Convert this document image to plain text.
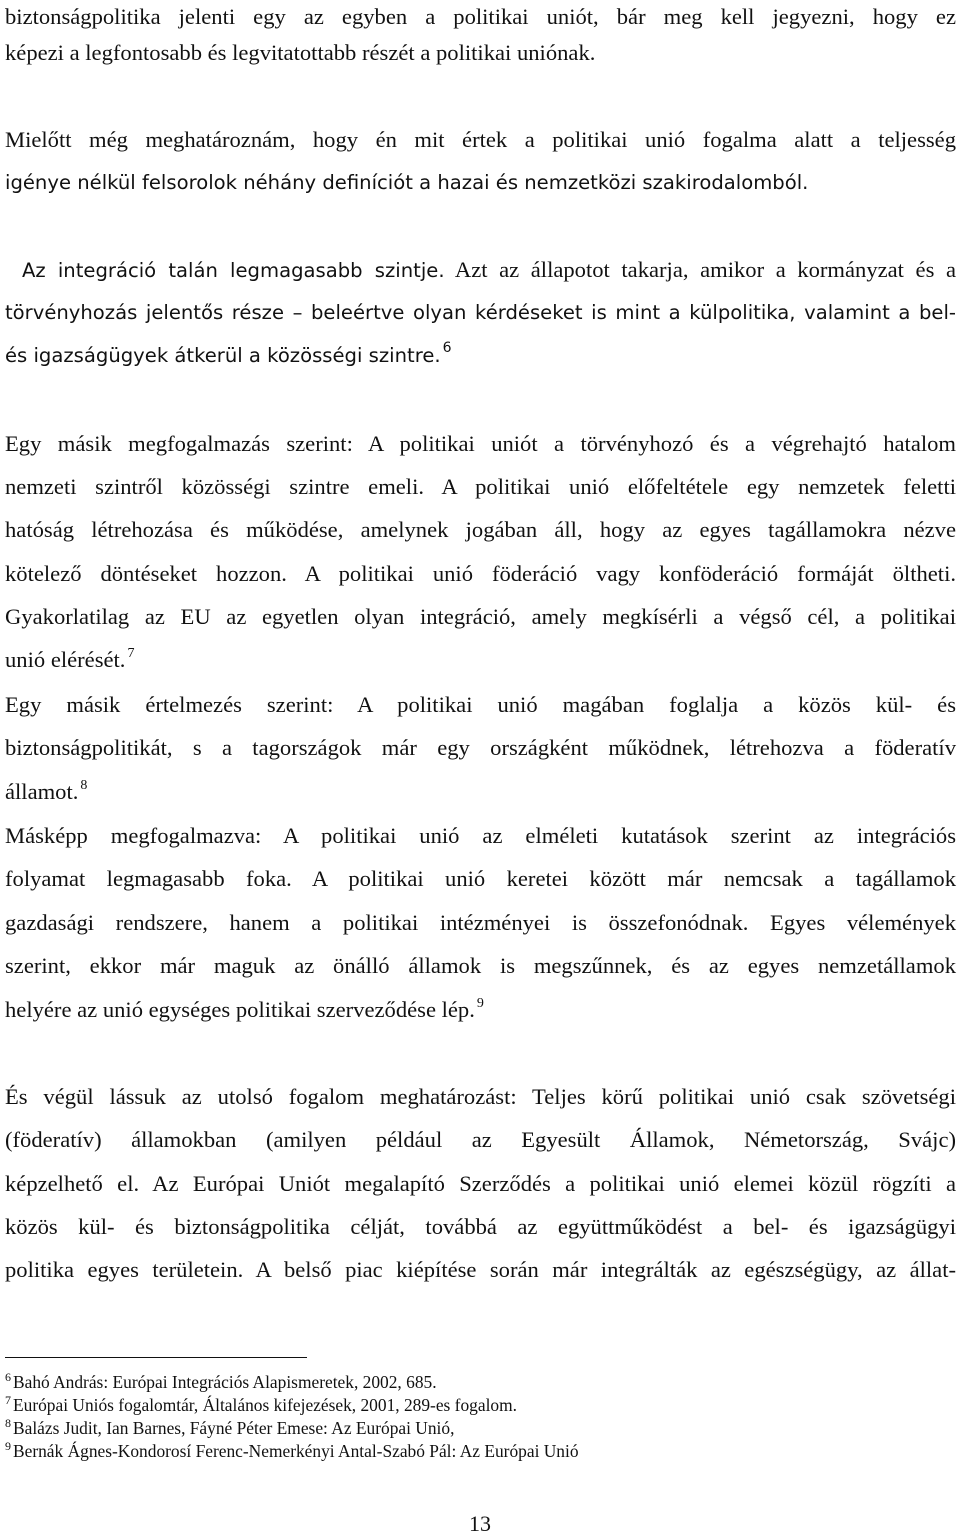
biztonságpolitika jelenti egy az egyben a politikai uniót, bár meg kell jegyezni, hogy ez
képezi a legfontosabb és legvitatottabb részét a politikai uniónak.
Mielőtt még meghatároznám, hogy én mit értek a politikai unió fogalma alatt a teljesség
igénye nélkül felsorolok néhány definíciót a hazai és nemzetközi szakirodalomból.
Az integráció talán legmagasabb szintje. Azt az állapotot takarja, amikor a kormányzat és a
törvényhozás jelentős része – beleértve olyan kérdéseket is mint a külpolitika, valamint a bel-
és igazságügyek átkerül a közösségi szintre. $^6$
Egy másik megfogalmazás szerint: A politikai uniót a törvényhozó és a végrehajtó hatalom
nemzeti szintről közösségi szintre emeli. A politikai unió előfeltétele egy nemzetek feletti
hatóság létrehozása és működése, amelynek jogában áll, hogy az egyes tagállamokra nézve
kötelező döntéseket hozzon. A politikai unió föderáció vagy konföderáció formáját öltheti.
Gyakorlatilag az EU az egyetlen olyan integráció, amely megkísérli a végső cél, a politikai
unió elérését. $^7$
Egy másik értelmezés szerint: A politikai unió magában foglalja a közös kül- és
biztonságpolitikát, s a tagországok már egy országként működnek, létrehozva a föderatív
államot. $^8$
Másképp megfogalmazva: A politikai unió az elméleti kutatások szerint az integrációs
folyamat legmagasabb foka. A politikai unió keretei között már nemcsak a tagállamok
gazdasági rendszere, hanem a politikai intézményei is összefonódnak. Egyes vélemények
szerint, ekkor már maguk az önálló államok is megszűnnek, és az egyes nemzetállamok
helyére az unió egységes politikai szerveződése lép. $^9$
És végül lássuk az utolsó fogalom meghatározást: Teljes körű politikai unió csak szövetségi
(föderatív) államokban (amilyen például az Egyesült Államok, Németország, Svájc)
képzelhető el. Az Európai Uniót megalapító Szerződés a politikai unió elemei közül rögzíti a
közös kül- és biztonságpolitika célját, továbbá az együttműködést a bel- és igazságügyi
politika egyes területein. A belső piac kiépítése során már integrálták az egészségügy, az állat-
$^6$ Bahó András: Európai Integrációs Alapismeretek, 2002, 685.
$^7$ Európai Uniós fogalomtár, Általános kifejezések, 2001, 289-es fogalom.
$^8$ Balázs Judit, Ian Barnes, Fáyné Péter Emese: Az Európai Unió,
$^9$ Bernák Ágnes-Kondorosí Ferenc-Nemerkényi Antal-Szabó Pál: Az Európai Unió
13
